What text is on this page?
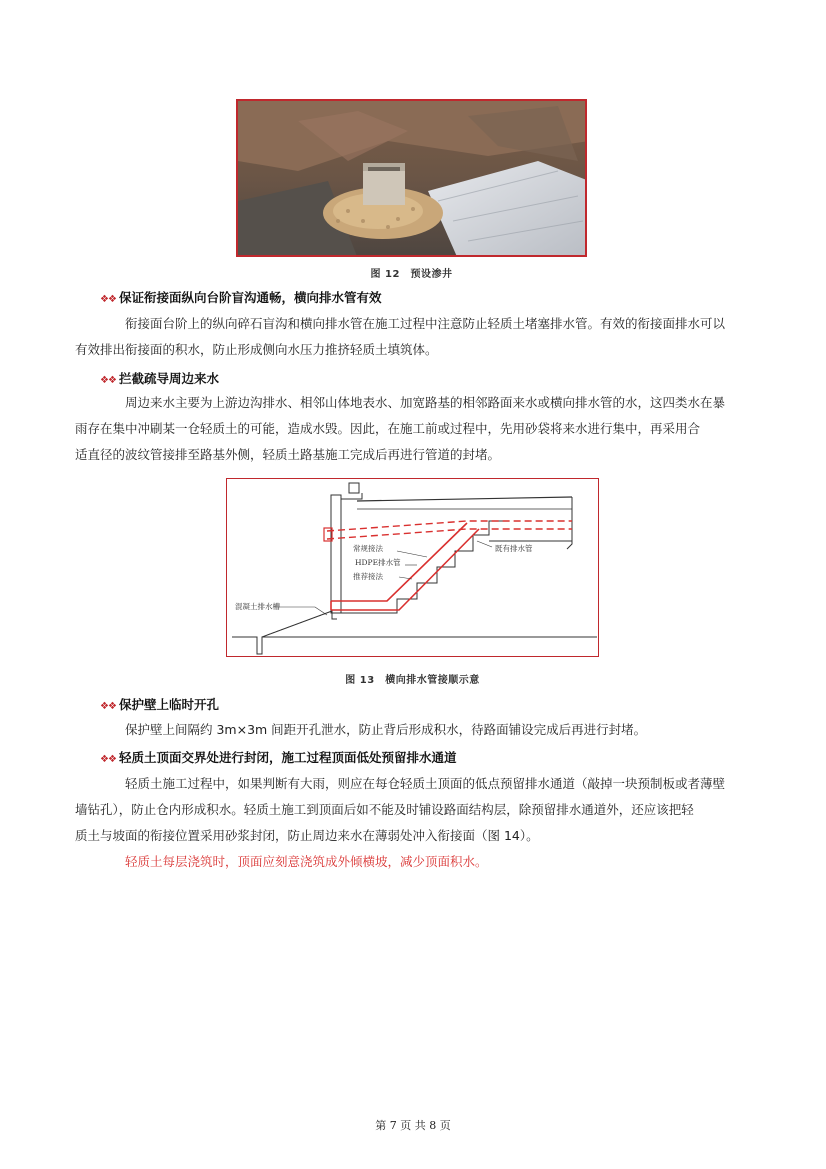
图 12　预设渗井
❖❖ 保证衔接面纵向台阶盲沟通畅，横向排水管有效
衔接面台阶上的纵向碎石盲沟和横向排水管在施工过程中注意防止轻质土堵塞排水管。有效的衔接面排水可以
有效排出衔接面的积水，防止形成侧向水压力推挤轻质土填筑体。
❖❖ 拦截疏导周边来水
周边来水主要为上游边沟排水、相邻山体地表水、加宽路基的相邻路面来水或横向排水管的水，这四类水在暴
雨存在集中冲刷某一仓轻质土的可能，造成水毁。因此，在施工前或过程中，先用砂袋将来水进行集中，再采用合
适直径的波纹管接排至路基外侧，轻质土路基施工完成后再进行管道的封堵。
常规接法
HDPE排水管
推荐接法
既有排水管
混凝土排水槽
图 13　横向排水管接顺示意
❖❖ 保护壁上临时开孔
保护壁上间隔约 3m×3m 间距开孔泄水，防止背后形成积水，待路面铺设完成后再进行封堵。
❖❖ 轻质土顶面交界处进行封闭，施工过程顶面低处预留排水通道
轻质土施工过程中，如果判断有大雨，则应在每仓轻质土顶面的低点预留排水通道（敲掉一块预制板或者薄壁
墙钻孔），防止仓内形成积水。轻质土施工到顶面后如不能及时铺设路面结构层，除预留排水通道外，还应该把轻
质土与坡面的衔接位置采用砂浆封闭，防止周边来水在薄弱处冲入衔接面（图 14）。
轻质土每层浇筑时，顶面应刻意浇筑成外倾横坡，减少顶面积水。
第 7 页 共 8 页
